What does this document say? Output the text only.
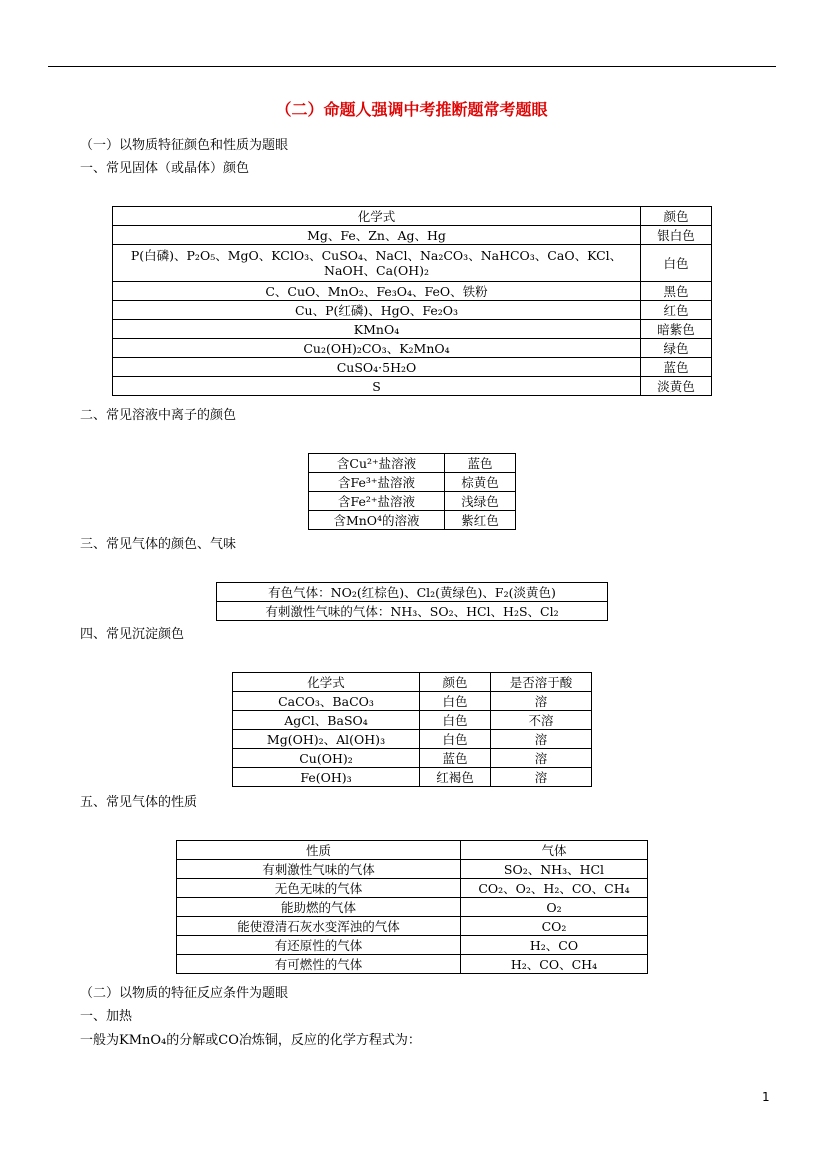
（二）命题人强调中考推断题常考题眼
（一）以物质特征颜色和性质为题眼
一、常见固体（或晶体）颜色
化学式	颜色
Mg、Fe、Zn、Ag、Hg	银白色
P(白磷)、P₂O₅、MgO、KClO₃、CuSO₄、NaCl、Na₂CO₃、NaHCO₃、CaO、KCl、NaOH、Ca(OH)₂	白色
C、CuO、MnO₂、Fe₃O₄、FeO、铁粉	黑色
Cu、P(红磷)、HgO、Fe₂O₃	红色
KMnO₄	暗紫色
Cu₂(OH)₂CO₃、K₂MnO₄	绿色
CuSO₄·5H₂O	蓝色
S	淡黄色
二、常见溶液中离子的颜色
含Cu²⁺盐溶液	蓝色
含Fe³⁺盐溶液	棕黄色
含Fe²⁺盐溶液	浅绿色
含MnO⁴的溶液	紫红色
三、常见气体的颜色、气味
有色气体：NO₂(红棕色)、Cl₂(黄绿色)、F₂(淡黄色)
有刺激性气味的气体：NH₃、SO₂、HCl、H₂S、Cl₂
四、常见沉淀颜色
化学式	颜色	是否溶于酸
CaCO₃、BaCO₃	白色	溶
AgCl、BaSO₄	白色	不溶
Mg(OH)₂、Al(OH)₃	白色	溶
Cu(OH)₂	蓝色	溶
Fe(OH)₃	红褐色	溶
五、常见气体的性质
性质	气体
有刺激性气味的气体	SO₂、NH₃、HCl
无色无味的气体	CO₂、O₂、H₂、CO、CH₄
能助燃的气体	O₂
能使澄清石灰水变浑浊的气体	CO₂
有还原性的气体	H₂、CO
有可燃性的气体	H₂、CO、CH₄
（二）以物质的特征反应条件为题眼
一、加热
一般为KMnO₄的分解或CO冶炼铜，反应的化学方程式为：
1
